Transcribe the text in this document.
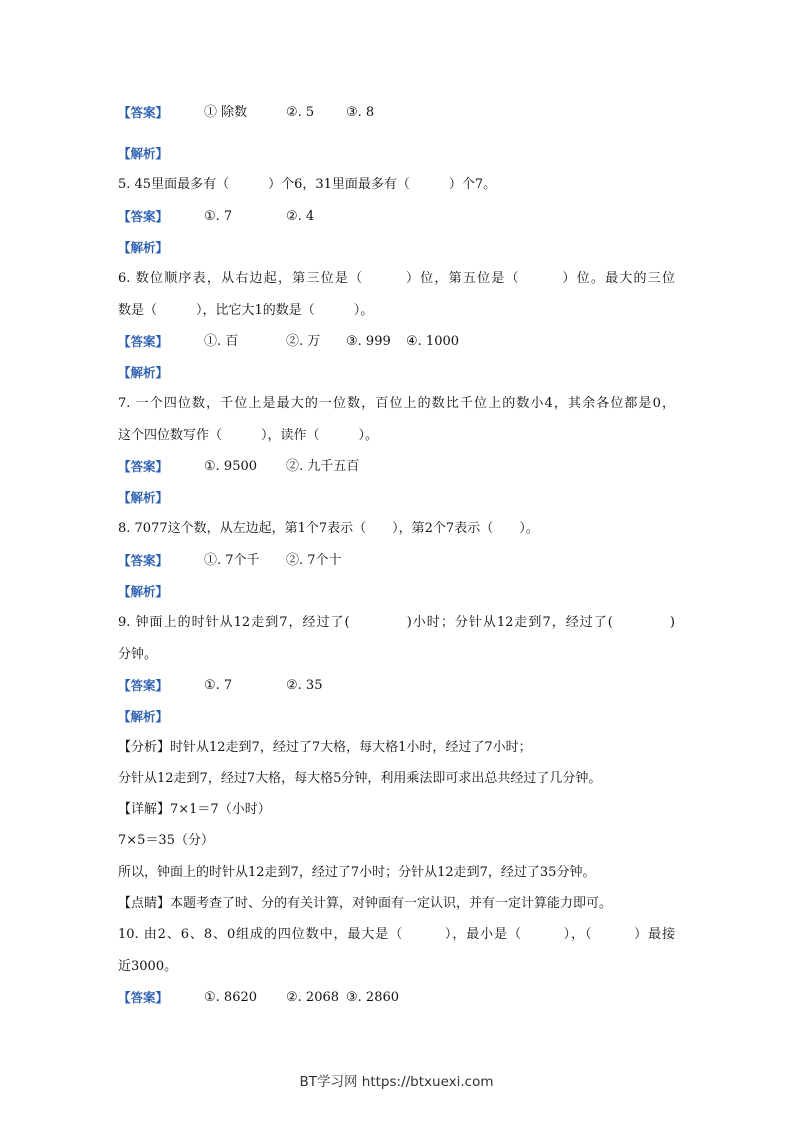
【答案】	① 除数	②. 5 ③. 8
【解析】
5. 45里面最多有（　　　）个6，31里面最多有（　　　）个7。
【答案】	①. 7	②. 4
【解析】
6. 数位顺序表，从右边起，第三位是（　　　）位，第五位是（　　　）位。最大的三位
数是（　　　），比它大1的数是（　　　）。
【答案】	①. 百	②. 万 ③. 999 ④. 1000
【解析】
7. 一个四位数，千位上是最大的一位数，百位上的数比千位上的数小4，其余各位都是0，
这个四位数写作（　　　），读作（　　　）。
【答案】	①. 9500 ②. 九千五百
【解析】
8. 7077这个数，从左边起，第1个7表示（　　），第2个7表示（　　）。
【答案】	①. 7个千 ②. 7个十
【解析】
9. 钟面上的时针从12走到7，经过了(　　　　)小时；分针从12走到7，经过了(　　　　)
分钟。
【答案】	①. 7	②. 35
【解析】
【分析】时针从12走到7，经过了7大格，每大格1小时，经过了7小时；
分针从12走到7，经过7大格，每大格5分钟，利用乘法即可求出总共经过了几分钟。
【详解】7×1＝7（小时）
7×5＝35（分）
所以，钟面上的时针从12走到7，经过了7小时；分针从12走到7，经过了35分钟。
【点睛】本题考查了时、分的有关计算，对钟面有一定认识，并有一定计算能力即可。
10. 由2、6、8、0组成的四位数中，最大是（　　　），最小是（　　　），（　　　）最接
近3000。
【答案】	①. 8620 ②. 2068 ③. 2860
BT学习网 https://btxuexi.com
